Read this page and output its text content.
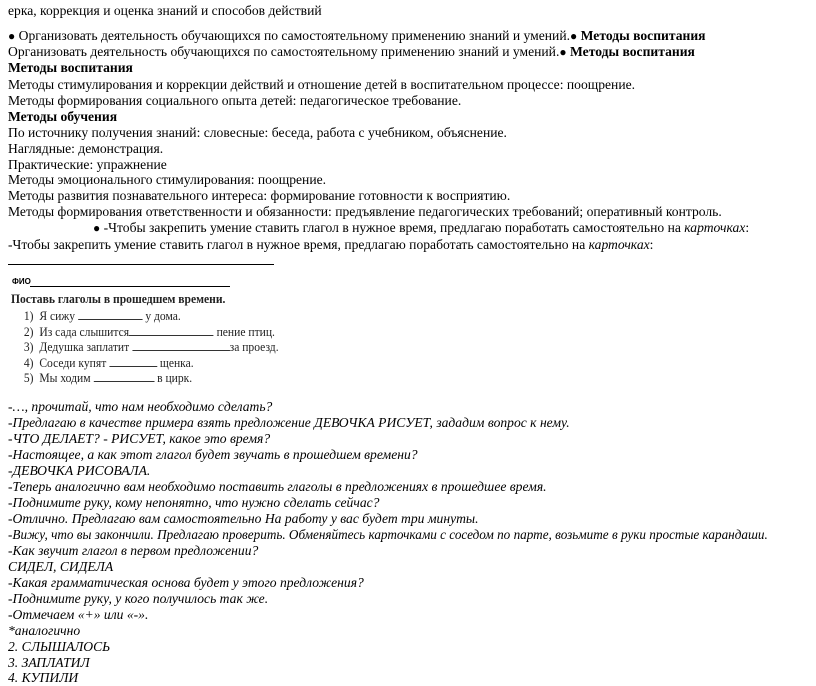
ерка, коррекция и оценка знаний и способов действий
● Организовать деятельность обучающихся по самостоятельному применению знаний и умений.● Методы воспитания
Организовать деятельность обучающихся по самостоятельному применению знаний и умений.● Методы воспитания
Методы воспитания
Методы стимулирования и коррекции действий и отношение детей в воспитательном процессе: поощрение.
Методы формирования социального опыта детей: педагогическое требование.
Методы обучения
По источнику получения знаний: словесные: беседа, работа с учебником, объяснение.
Наглядные: демонстрация.
Практические: упражнение
Методы эмоционального стимулирования: поощрение.
Методы развития познавательного интереса: формирование готовности к восприятию.
Методы формирования ответственности и обязанности: предъявление педагогических требований; оперативный контроль.
● -Чтобы закрепить умение ставить глагол в нужное время, предлагаю поработать самостоятельно на карточках:
-Чтобы закрепить умение ставить глагол в нужное время, предлагаю поработать самостоятельно на карточках:
ФИО
Поставь глаголы в прошедшем времени.
1) Я сижу	у дома.
2) Из сада слышится	пение птиц.
3) Дедушка заплатит	за проезд.
4) Соседи купят	щенка.
5) Мы ходим	в цирк.
-…, прочитай, что нам необходимо сделать?
-Предлагаю в качестве примера взять предложение ДЕВОЧКА РИСУЕТ, зададим вопрос к нему.
-ЧТО ДЕЛАЕТ? - РИСУЕТ, какое это время?
-Настоящее, а как этот глагол будет звучать в прошедшем времени?
-ДЕВОЧКА РИСОВАЛА.
-Теперь аналогично вам необходимо поставить глаголы в предложениях в прошедшее время.
-Поднимите руку, кому непонятно, что нужно сделать сейчас?
-Отлично. Предлагаю вам самостоятельно На работу у вас будет три минуты.
-Вижу, что вы закончили. Предлагаю проверить. Обменяйтесь карточками с соседом по парте, возьмите в руки простые карандаши.
-Как звучит глагол в первом предложении?
СИДЕЛ, СИДЕЛА
-Какая грамматическая основа будет у этого предложения?
-Поднимите руку, у кого получилось так же.
-Отмечаем «+» или «-».
*аналогично
2. СЛЫШАЛОСЬ
3. ЗАПЛАТИЛ
4. КУПИЛИ
